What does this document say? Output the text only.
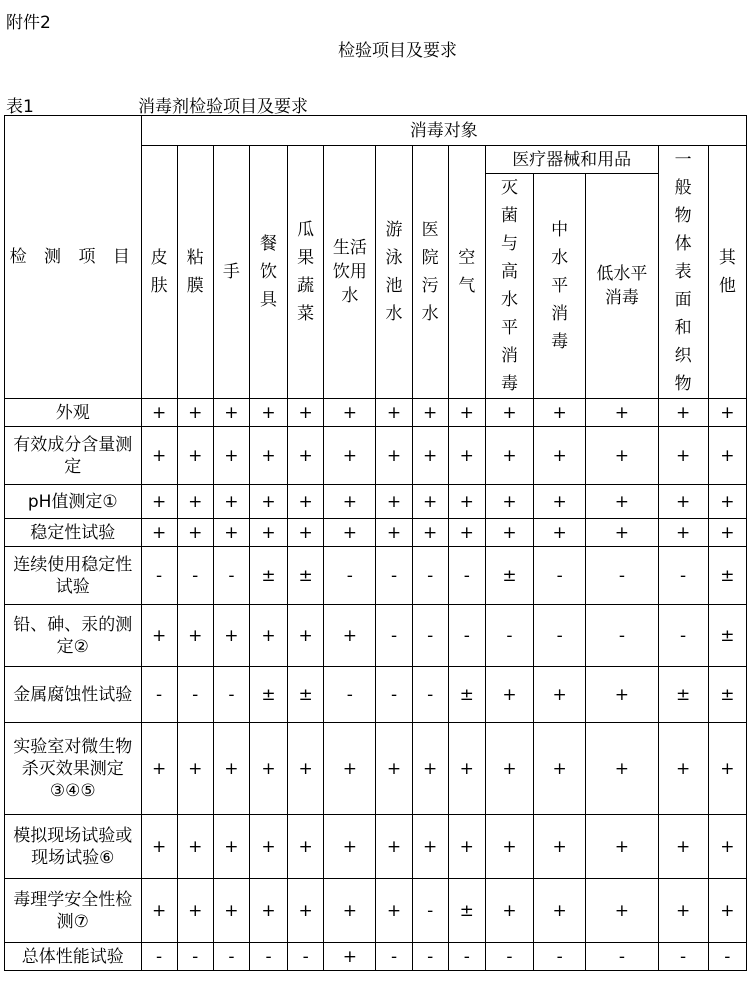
附件2
检验项目及要求
表1	消毒剂检验项目及要求
检 测 项 目	消毒对象													
	皮肤	粘膜	手	餐饮具	瓜果蔬菜	生活饮用水	游泳池水	医院污水	空气	医疗器械和用品			一般物体表面和织物	其他
										灭菌与高水平消毒	中水平消毒	低水平消毒		
外观	+	+	+	+	+	+	+	+	+	+	+	+	+	+
有效成分含量测定	+	+	+	+	+	+	+	+	+	+	+	+	+	+
pH值测定①	+	+	+	+	+	+	+	+	+	+	+	+	+	+
稳定性试验	+	+	+	+	+	+	+	+	+	+	+	+	+	+
连续使用稳定性试验	-	-	-	±	±	-	-	-	-	±	-	-	-	±
铅、砷、汞的测定②	+	+	+	+	+	+	-	-	-	-	-	-	-	±
金属腐蚀性试验	-	-	-	±	±	-	-	-	±	+	+	+	±	±
实验室对微生物杀灭效果测定③④⑤	+	+	+	+	+	+	+	+	+	+	+	+	+	+
模拟现场试验或现场试验⑥	+	+	+	+	+	+	+	+	+	+	+	+	+	+
毒理学安全性检测⑦	+	+	+	+	+	+	+	-	±	+	+	+	+	+
总体性能试验	-	-	-	-	-	+	-	-	-	-	-	-	-	-
